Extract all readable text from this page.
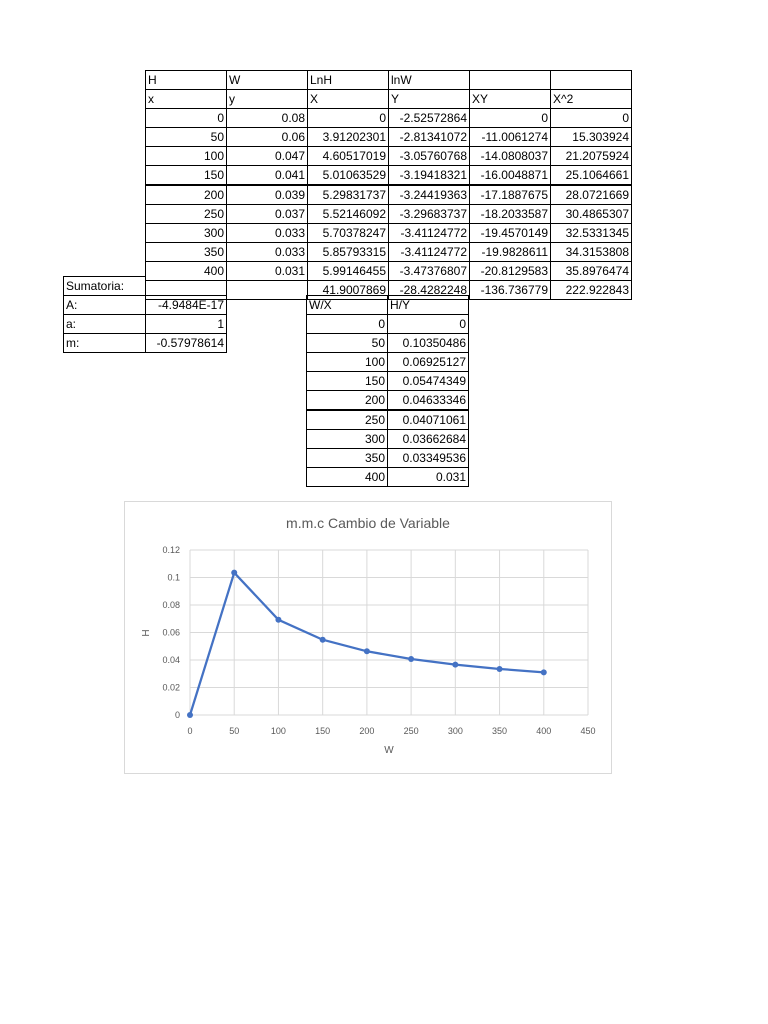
H	W	LnH	lnW		
x	y	X	Y	XY	X^2
0	0.08	0	-2.52572864	0	0
50	0.06	3.91202301	-2.81341072	-11.0061274	15.303924
100	0.047	4.60517019	-3.05760768	-14.0808037	21.2075924
150	0.041	5.01063529	-3.19418321	-16.0048871	25.1064661
200	0.039	5.29831737	-3.24419363	-17.1887675	28.0721669
250	0.037	5.52146092	-3.29683737	-18.2033587	30.4865307
300	0.033	5.70378247	-3.41124772	-19.4570149	32.5331345
350	0.033	5.85793315	-3.41124772	-19.9828611	34.3153808
400	0.031	5.99146455	-3.47376807	-20.8129583	35.8976474
		41.9007869	-28.4282248	-136.736779	222.922843
Sumatoria:	
A:	-4.9484E-17
a:	1
m:	-0.57978614
W/X	H/Y
0	0
50	0.10350486
100	0.06925127
150	0.05474349
200	0.04633346
250	0.04071061
300	0.03662684
350	0.03349536
400	0.031
m.m.c Cambio de Variable
0
0.02
0.04
0.06
0.08
0.1
0.12
0	50	100	150	200	250	300	350	400	450
W
H
